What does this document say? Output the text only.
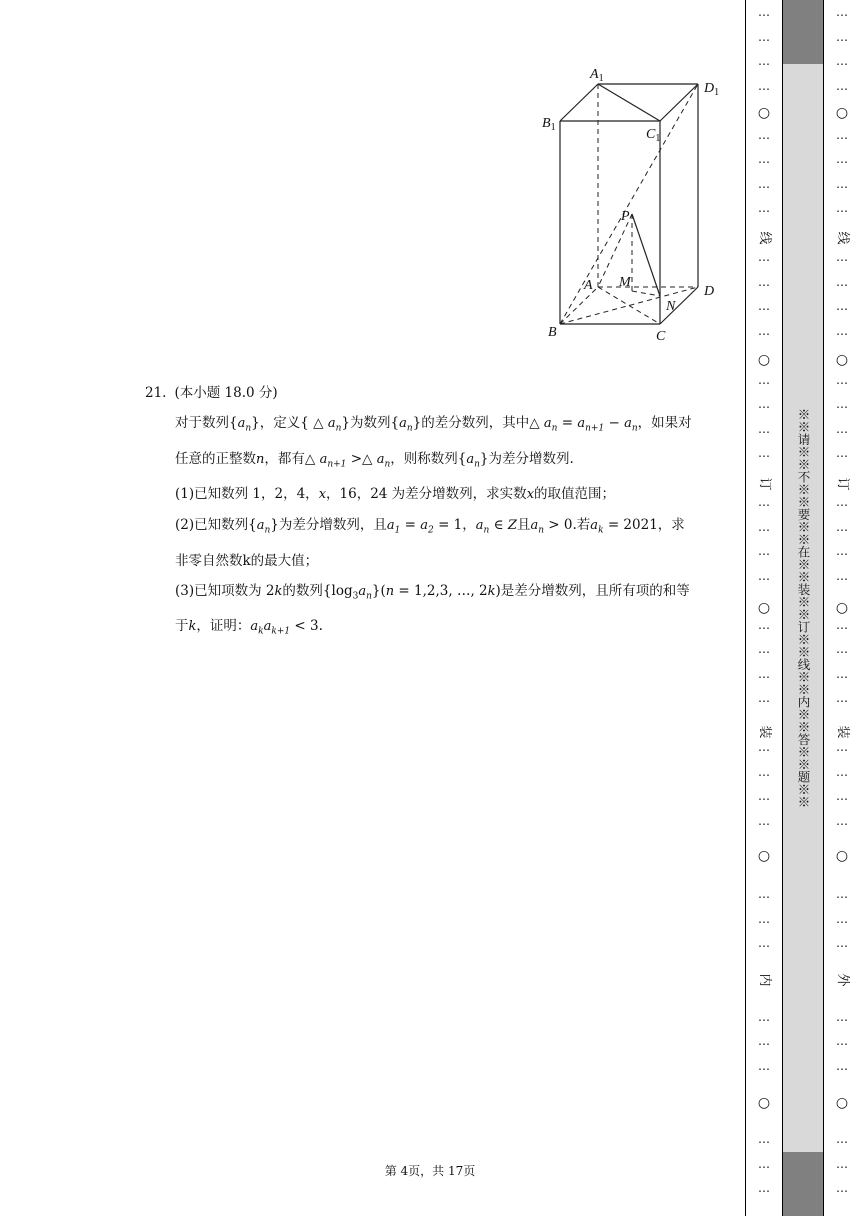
$A_1$
$D_1$
$B_1$	$C_1$
P
A M
N
D
B	C
21. (本小题 18.0 分)
对于数列$\{a_n\}$，定义{ △ $a_n$}为数列$\{a_n\}$的差分数列，其中△ $a_n = a_{n+1} - a_n$，如果对
任意的正整数n，都有△ $a_{n+1}$ >△ $a_n$，则称数列$\{a_n\}$为差分增数列.
(1)已知数列 1，2，4，x，16，24 为差分增数列，求实数x的取值范围；
(2)已知数列$\{a_n\}$为差分增数列，且$a_1 = a_2 = 1$，$a_n$ ∈ Z且$a_n > 0$.若$a_k = 2021$，求
非零自然数k的最大值；
(3)已知项数为 2k的数列$\{\log_3a_n\}(n = 1,2,3$, …, 2k)是差分增数列，且所有项的和等
于k，证明：$a_ka_{k+1} < 3$.
第 4页，共 17页
…
…
…
…
…
…
…
…
…
…
…
…
…
…
…
…
…
…
…
…
…
…
…
…
…
…
…
…
…
…
…
…
…
…
…
…
…
○
○
○
○
○
线
订
装
内
※※请※※不※※要※※在※※装※※订※※线※※内※※答※※题※※
…
…
…
…
…
…
…
…
…
…
…
…
…
…
…
…
…
…
…
…
…
…
…
…
…
…
…
…
…
…
…
…
…
…
…
…
…
○
○
○
○
○
线
订
装
外
